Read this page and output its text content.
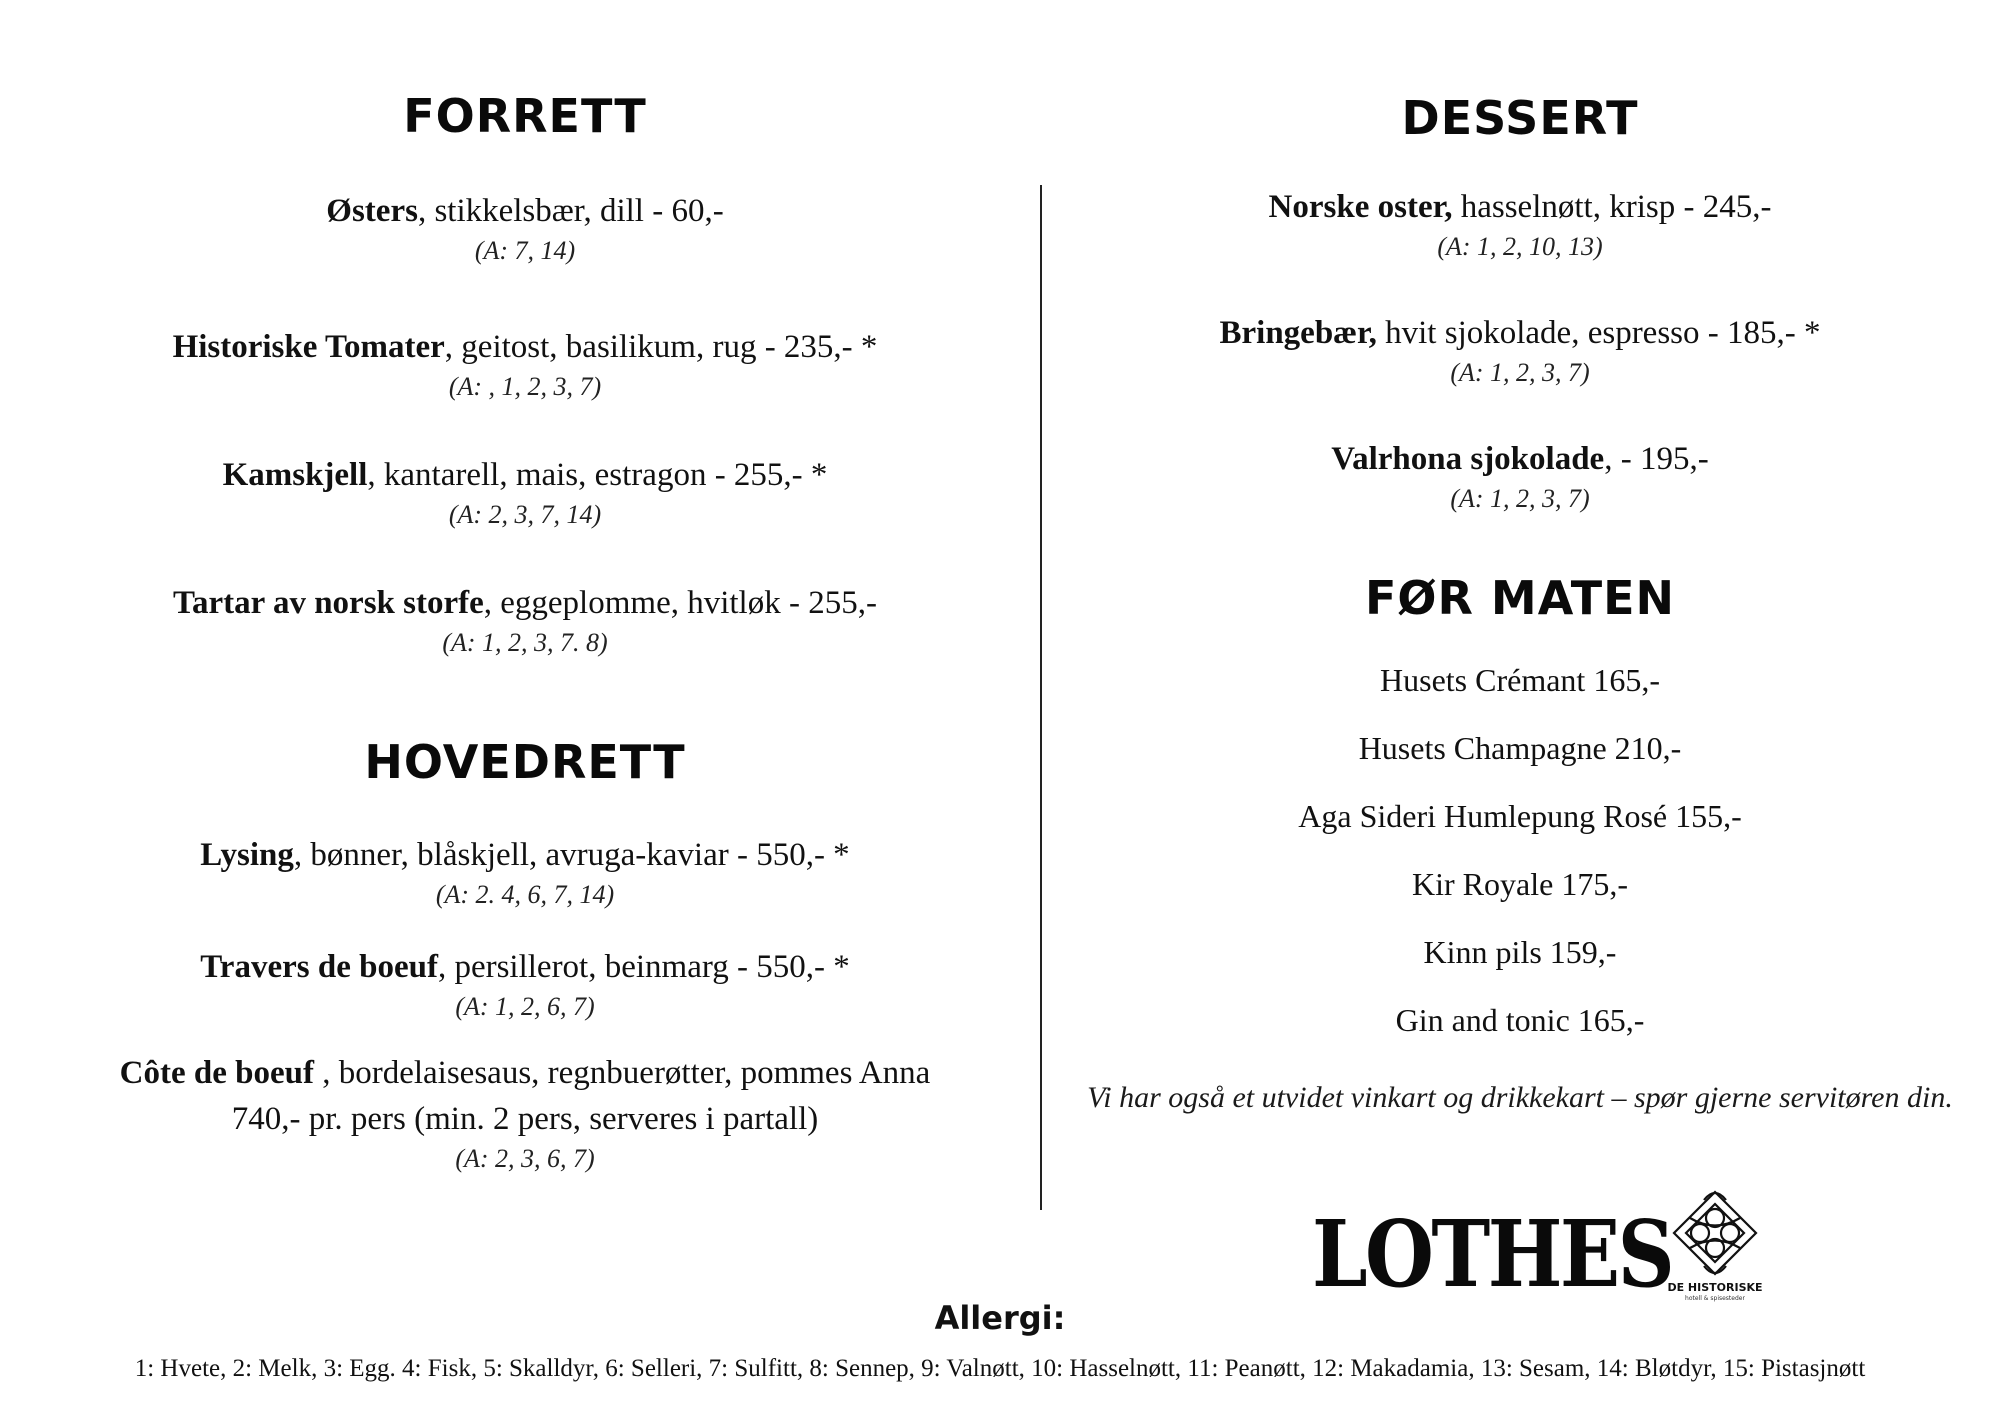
FORRETT
Østers, stikkelsbær, dill - 60,-
(A: 7, 14)
Historiske Tomater, geitost, basilikum, rug - 235,- *
(A: , 1, 2, 3, 7)
Kamskjell, kantarell, mais, estragon - 255,- *
(A: 2, 3, 7, 14)
Tartar av norsk storfe, eggeplomme, hvitløk - 255,-
(A: 1, 2, 3, 7. 8)
HOVEDRETT
Lysing, bønner, blåskjell, avruga-kaviar - 550,- *
(A: 2. 4, 6, 7, 14)
Travers de boeuf, persillerot, beinmarg - 550,- *
(A: 1, 2, 6, 7)
Côte de boeuf , bordelaisesaus, regnbuerøtter, pommes Anna
740,- pr. pers (min. 2 pers, serveres i partall)
(A: 2, 3, 6, 7)
DESSERT
Norske oster, hasselnøtt, krisp - 245,-
(A: 1, 2, 10, 13)
Bringebær, hvit sjokolade, espresso - 185,- *
(A: 1, 2, 3, 7)
Valrhona sjokolade, - 195,-
(A: 1, 2, 3, 7)
FØR MATEN
Husets Crémant 165,-
Husets Champagne 210,-
Aga Sideri Humlepung Rosé 155,-
Kir Royale 175,-
Kinn pils 159,-
Gin and tonic 165,-
Vi har også et utvidet vinkart og drikkekart – spør gjerne servitøren din.
LOTHES
DE HISTORISKE
hotell & spisesteder
Allergi:
1: Hvete, 2: Melk, 3: Egg. 4: Fisk, 5: Skalldyr, 6: Selleri, 7: Sulfitt, 8: Sennep, 9: Valnøtt, 10: Hasselnøtt, 11: Peanøtt, 12: Makadamia, 13: Sesam, 14: Bløtdyr, 15: Pistasjnøtt
